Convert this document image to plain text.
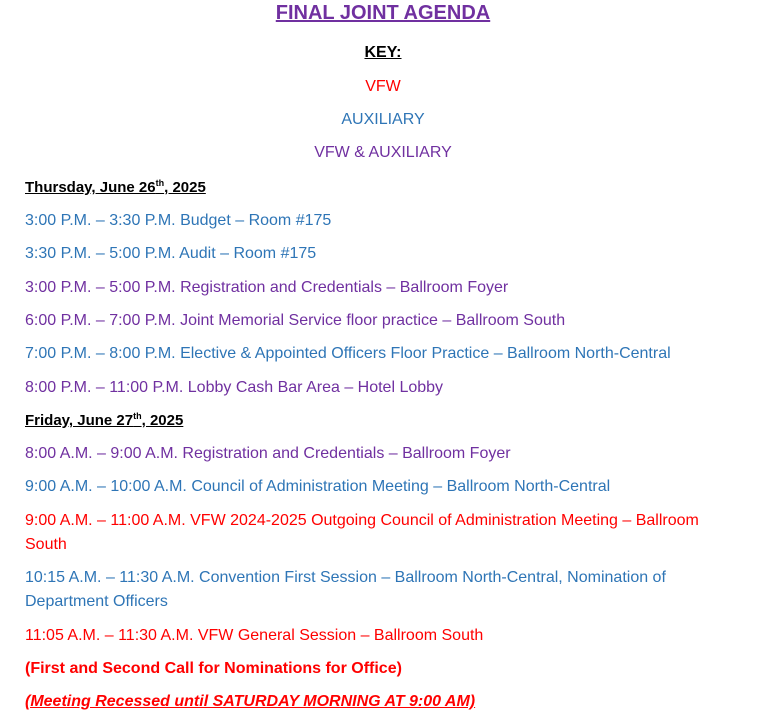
FINAL JOINT AGENDA
KEY:
VFW
AUXILIARY
VFW & AUXILIARY
Thursday, June 26th, 2025
3:00 P.M. – 3:30 P.M. Budget – Room #175
3:30 P.M. – 5:00 P.M. Audit – Room #175
3:00 P.M. – 5:00 P.M. Registration and Credentials – Ballroom Foyer
6:00 P.M. – 7:00 P.M. Joint Memorial Service floor practice – Ballroom South
7:00 P.M. – 8:00 P.M. Elective & Appointed Officers Floor Practice – Ballroom North-Central
8:00 P.M. – 11:00 P.M. Lobby Cash Bar Area – Hotel Lobby
Friday, June 27th, 2025
8:00 A.M. – 9:00 A.M. Registration and Credentials – Ballroom Foyer
9:00 A.M. – 10:00 A.M. Council of Administration Meeting – Ballroom North-Central
9:00 A.M. – 11:00 A.M. VFW 2024-2025 Outgoing Council of Administration Meeting – Ballroom South
10:15 A.M. – 11:30 A.M. Convention First Session – Ballroom North-Central, Nomination of Department Officers
11:05 A.M. – 11:30 A.M. VFW General Session – Ballroom South
(First and Second Call for Nominations for Office)
(Meeting Recessed until SATURDAY MORNING AT 9:00 AM)
